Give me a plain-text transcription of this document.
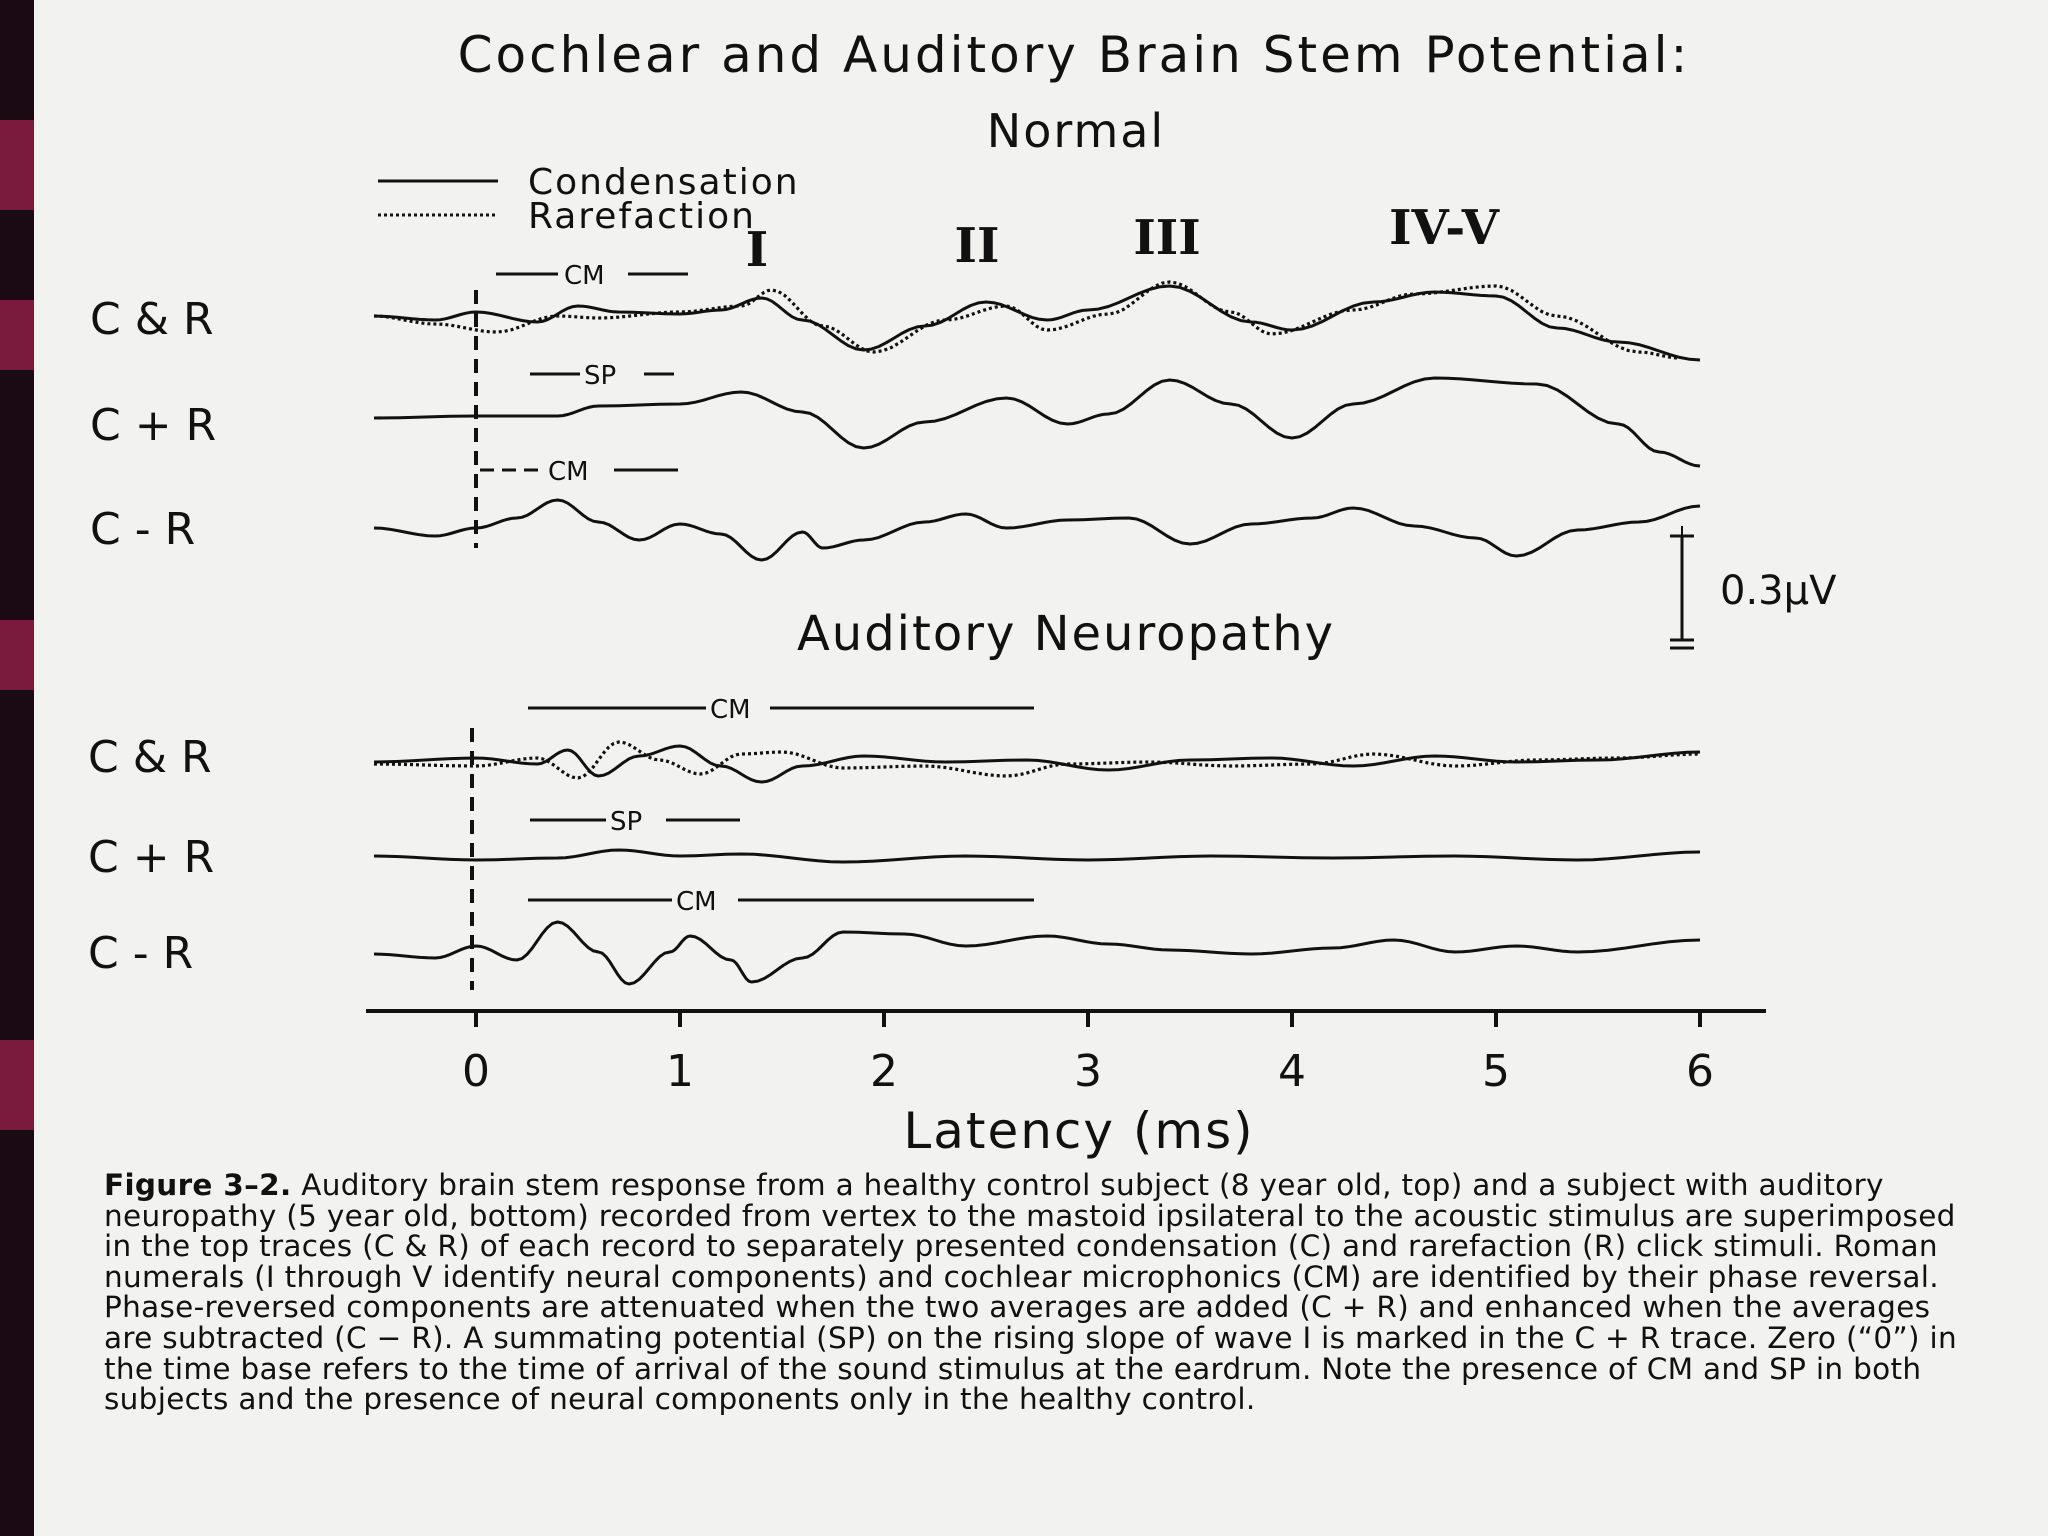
Cochlear and Auditory Brain Stem Potential:
Normal
Condensation
Rarefaction
I	II	III	IV-V
C & R
C + R
C - R
CM
SP
CM
0.3µV
Auditory Neuropathy
C & R
C + R
C - R
CM
SP
CM
0	1	2	3	4	5	6
Latency (ms)
Figure 3–2. Auditory brain stem response from a healthy control subject (8 year old, top) and a subject with auditory neuropathy (5 year old, bottom) recorded from vertex to the mastoid ipsilateral to the acoustic stimulus are superimposed in the top traces (C & R) of each record to separately presented condensation (C) and rarefaction (R) click stimuli. Roman numerals (I through V identify neural components) and cochlear microphonics (CM) are identified by their phase reversal. Phase-reversed components are attenuated when the two averages are added (C + R) and enhanced when the averages are subtracted (C − R). A summating potential (SP) on the rising slope of wave I is marked in the C + R trace. Zero (“0”) in the time base refers to the time of arrival of the sound stimulus at the eardrum. Note the presence of CM and SP in both subjects and the presence of neural components only in the healthy control.
